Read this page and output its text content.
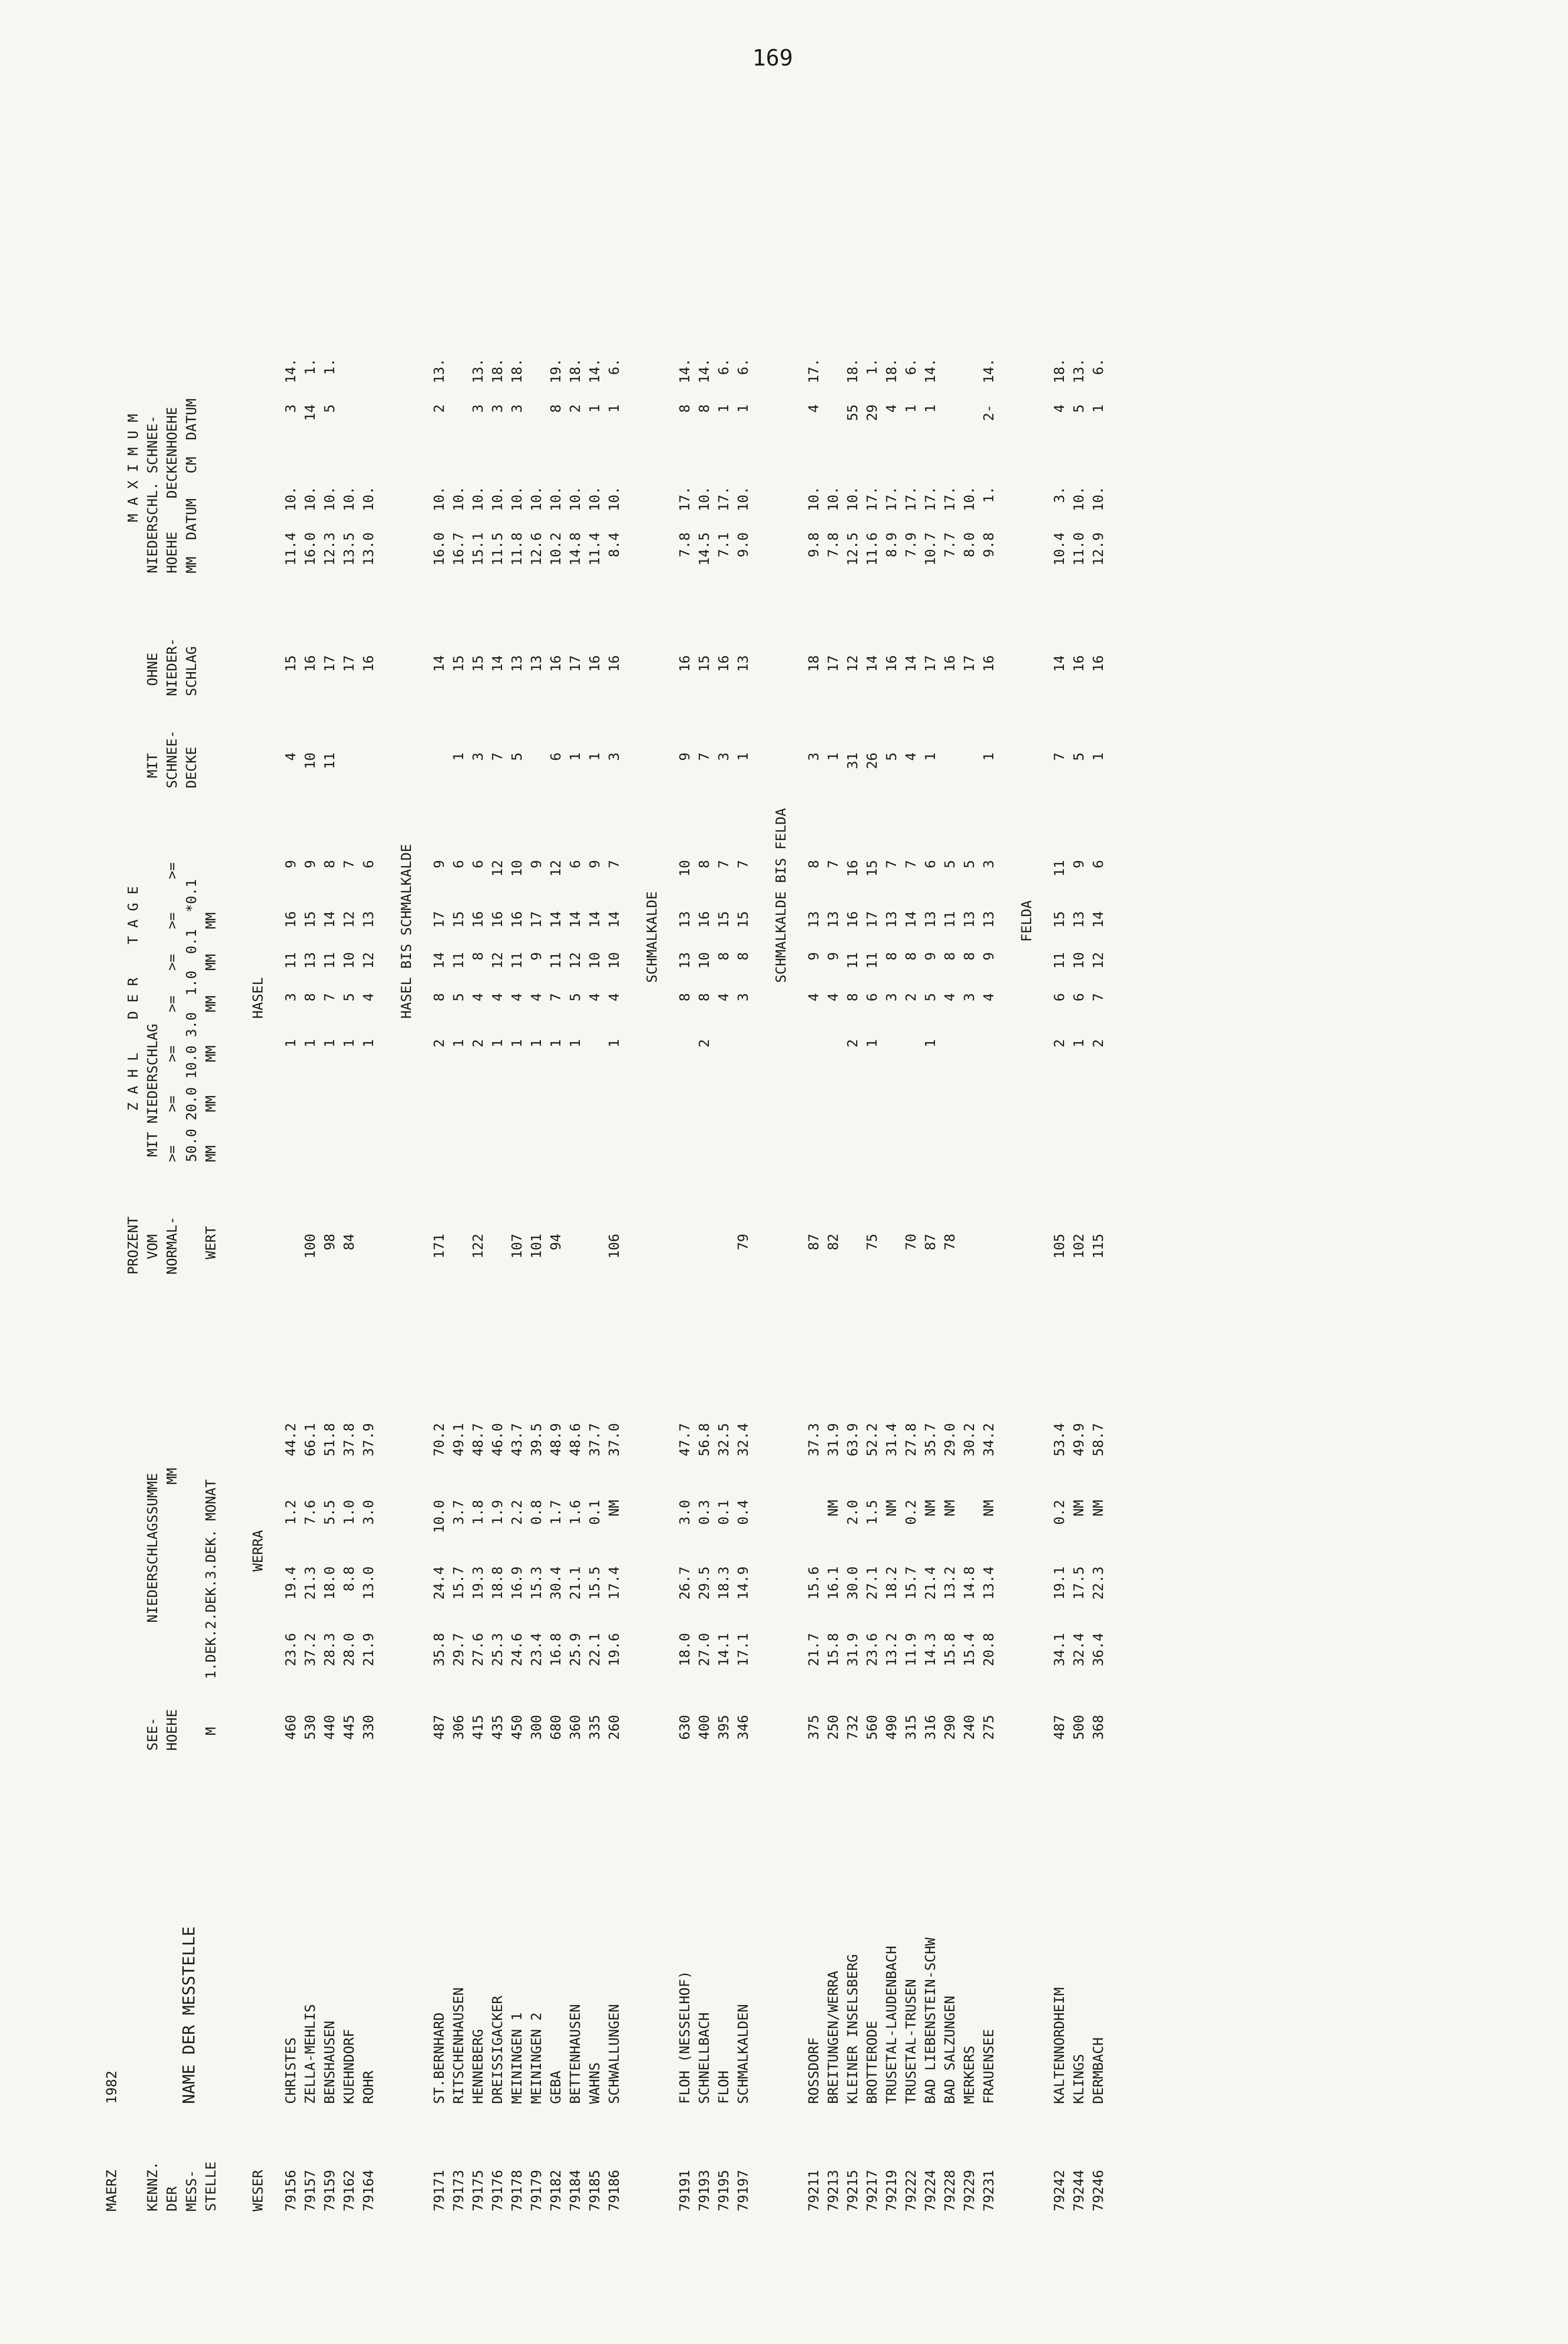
169
MAERZ
1982
KENNZ. DER MESS- STELLE
NAME DER MESSTELLE
SEE- HOEHE M
NIEDERSCHLAGSSUMME MM
1.DEK.2.DEK.3.DEK. MONAT
PROZENT VOM NORMAL- WERT
Z A H L    D E R    T A G E MIT NIEDERSCHLAG >=    >=    >=    >=   >=   >=    >= 50.0 20.0 10.0 3.0  1.0  0.1  *0.1 MM    MM    MM    MM   MM   MM
MIT SCHNEE- DECKE
OHNE NIEDER- SCHLAG
M A X I M U M NIEDERSCHL. SCHNEE- HOEHE    DECKENHOEHE MM  DATUM   CM  DATUM
WESER
WERRA
HASEL
79156
CHRISTES
460
23.6
19.4
1.2
44.2
1
3
11
16
9
4
15
11.4
10.
3
14.
79157
ZELLA-MEHLIS
530
37.2
21.3
7.6
66.1
100
1
8
13
15
9
10
16
16.0
10.
14
1.
79159
BENSHAUSEN
440
28.3
18.0
5.5
51.8
98
1
7
11
14
8
11
17
12.3
10.
5
1.
79162
KUEHNDORF
445
28.0
8.8
1.0
37.8
84
1
5
10
12
7
17
13.5
10.
79164
ROHR
330
21.9
13.0
3.0
37.9
1
4
12
13
6
16
13.0
10.
HASEL BIS SCHMALKALDE
79171
ST.BERNHARD
487
35.8
24.4
10.0
70.2
171
2
8
14
17
9
14
16.0
10.
2
13.
79173
RITSCHENHAUSEN
306
29.7
15.7
3.7
49.1
1
5
11
15
6
1
15
16.7
10.
79175
HENNEBERG
415
27.6
19.3
1.8
48.7
122
2
4
8
16
6
3
15
15.1
10.
3
13.
79176
DREISSIGACKER
435
25.3
18.8
1.9
46.0
1
4
12
16
12
7
14
11.5
10.
3
18.
79178
MEININGEN 1
450
24.6
16.9
2.2
43.7
107
1
4
11
16
10
5
13
11.8
10.
3
18.
79179
MEININGEN 2
300
23.4
15.3
0.8
39.5
101
1
4
9
17
9
13
12.6
10.
79182
GEBA
680
16.8
30.4
1.7
48.9
94
1
7
11
14
12
6
16
10.2
10.
8
19.
79184
BETTENHAUSEN
360
25.9
21.1
1.6
48.6
1
5
12
14
6
1
17
14.8
10.
2
18.
79185
WAHNS
335
22.1
15.5
0.1
37.7
4
10
14
9
1
16
11.4
10.
1
14.
79186
SCHWALLUNGEN
260
19.6
17.4
NM
37.0
106
1
4
10
14
7
3
16
8.4
10.
1
6.
SCHMALKALDE
79191
FLOH (NESSELHOF)
630
18.0
26.7
3.0
47.7
8
13
13
10
9
16
7.8
17.
8
14.
79193
SCHNELLBACH
400
27.0
29.5
0.3
56.8
2
8
10
16
8
7
15
14.5
10.
8
14.
79195
FLOH
395
14.1
18.3
0.1
32.5
4
8
15
7
3
16
7.1
17.
1
6.
79197
SCHMALKALDEN
346
17.1
14.9
0.4
32.4
79
3
8
15
7
1
13
9.0
10.
1
6.
SCHMALKALDE BIS FELDA
79211
ROSSDORF
375
21.7
15.6
37.3
87
4
9
13
8
3
18
9.8
10.
4
17.
79213
BREITUNGEN/WERRA
250
15.8
16.1
NM
31.9
82
4
9
13
7
1
17
7.8
10.
79215
KLEINER INSELSBERG
732
31.9
30.0
2.0
63.9
2
8
11
16
16
31
12
12.5
10.
55
18.
79217
BROTTERODE
560
23.6
27.1
1.5
52.2
75
1
6
11
17
15
26
14
11.6
17.
29
1.
79219
TRUSETAL-LAUDENBACH
490
13.2
18.2
NM
31.4
3
8
13
7
5
16
8.9
17.
4
18.
79222
TRUSETAL-TRUSEN
315
11.9
15.7
0.2
27.8
70
2
8
14
7
4
14
7.9
17.
1
6.
79224
BAD LIEBENSTEIN-SCHW
316
14.3
21.4
NM
35.7
87
1
5
9
13
6
1
17
10.7
17.
1
14.
79228
BAD SALZUNGEN
290
15.8
13.2
NM
29.0
78
4
8
11
5
16
7.7
17.
79229
MERKERS
240
15.4
14.8
30.2
3
8
13
5
17
8.0
10.
79231
FRAUENSEE
275
20.8
13.4
NM
34.2
4
9
13
3
1
16
9.8
1.
2-
14.
FELDA
79242
KALTENNORDHEIM
487
34.1
19.1
0.2
53.4
105
2
6
11
15
11
7
14
10.4
3.
4
18.
79244
KLINGS
500
32.4
17.5
NM
49.9
102
1
6
10
13
9
5
16
11.0
10.
5
13.
79246
DERMBACH
368
36.4
22.3
NM
58.7
115
2
7
12
14
6
1
16
12.9
10.
1
6.
